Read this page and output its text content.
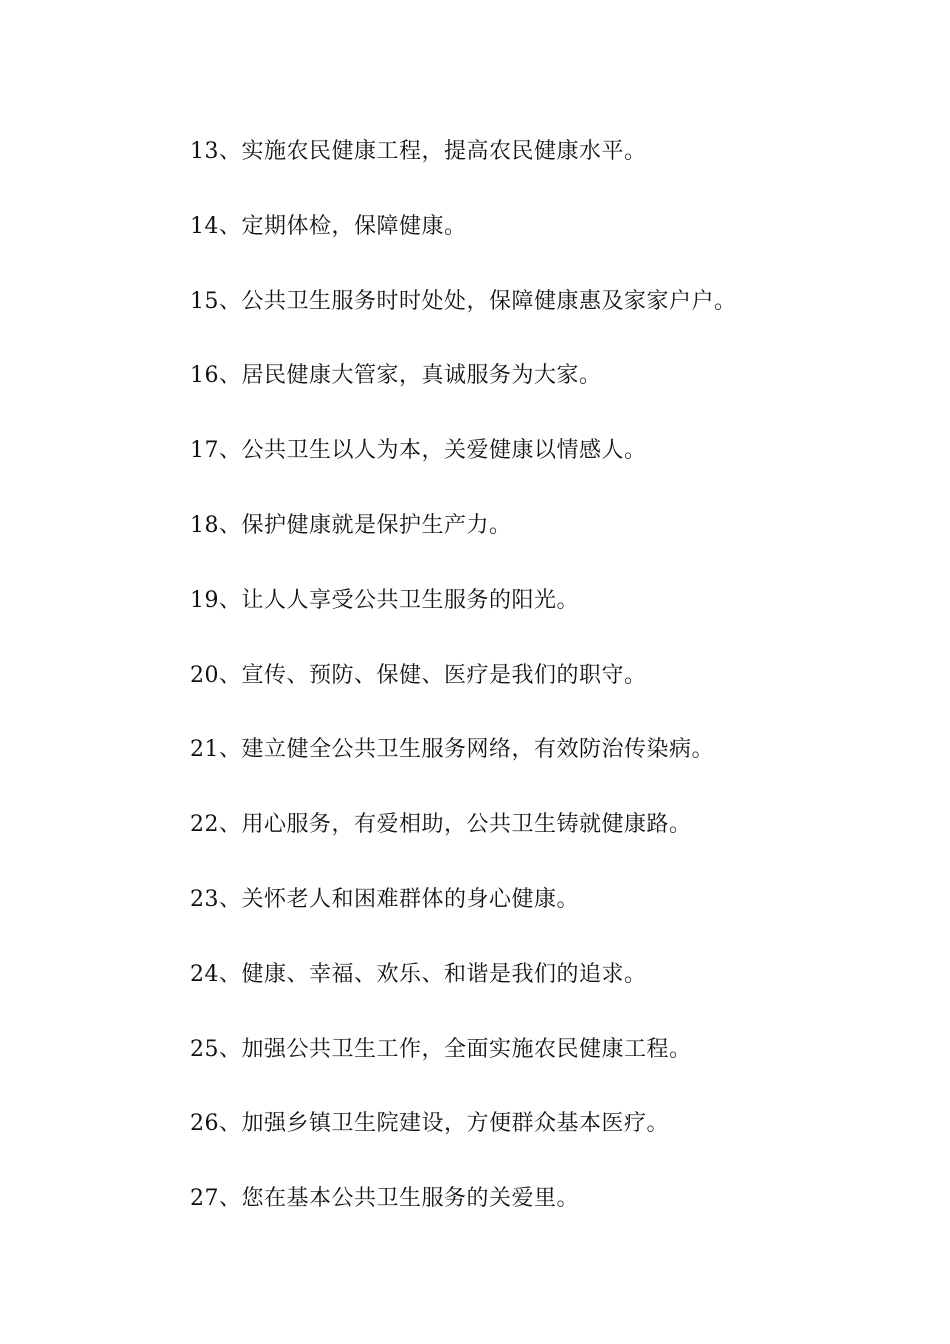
13、实施农民健康工程，提高农民健康水平。
14、定期体检，保障健康。
15、公共卫生服务时时处处，保障健康惠及家家户户。
16、居民健康大管家，真诚服务为大家。
17、公共卫生以人为本，关爱健康以情感人。
18、保护健康就是保护生产力。
19、让人人享受公共卫生服务的阳光。
20、宣传、预防、保健、医疗是我们的职守。
21、建立健全公共卫生服务网络，有效防治传染病。
22、用心服务，有爱相助，公共卫生铸就健康路。
23、关怀老人和困难群体的身心健康。
24、健康、幸福、欢乐、和谐是我们的追求。
25、加强公共卫生工作，全面实施农民健康工程。
26、加强乡镇卫生院建设，方便群众基本医疗。
27、您在基本公共卫生服务的关爱里。
